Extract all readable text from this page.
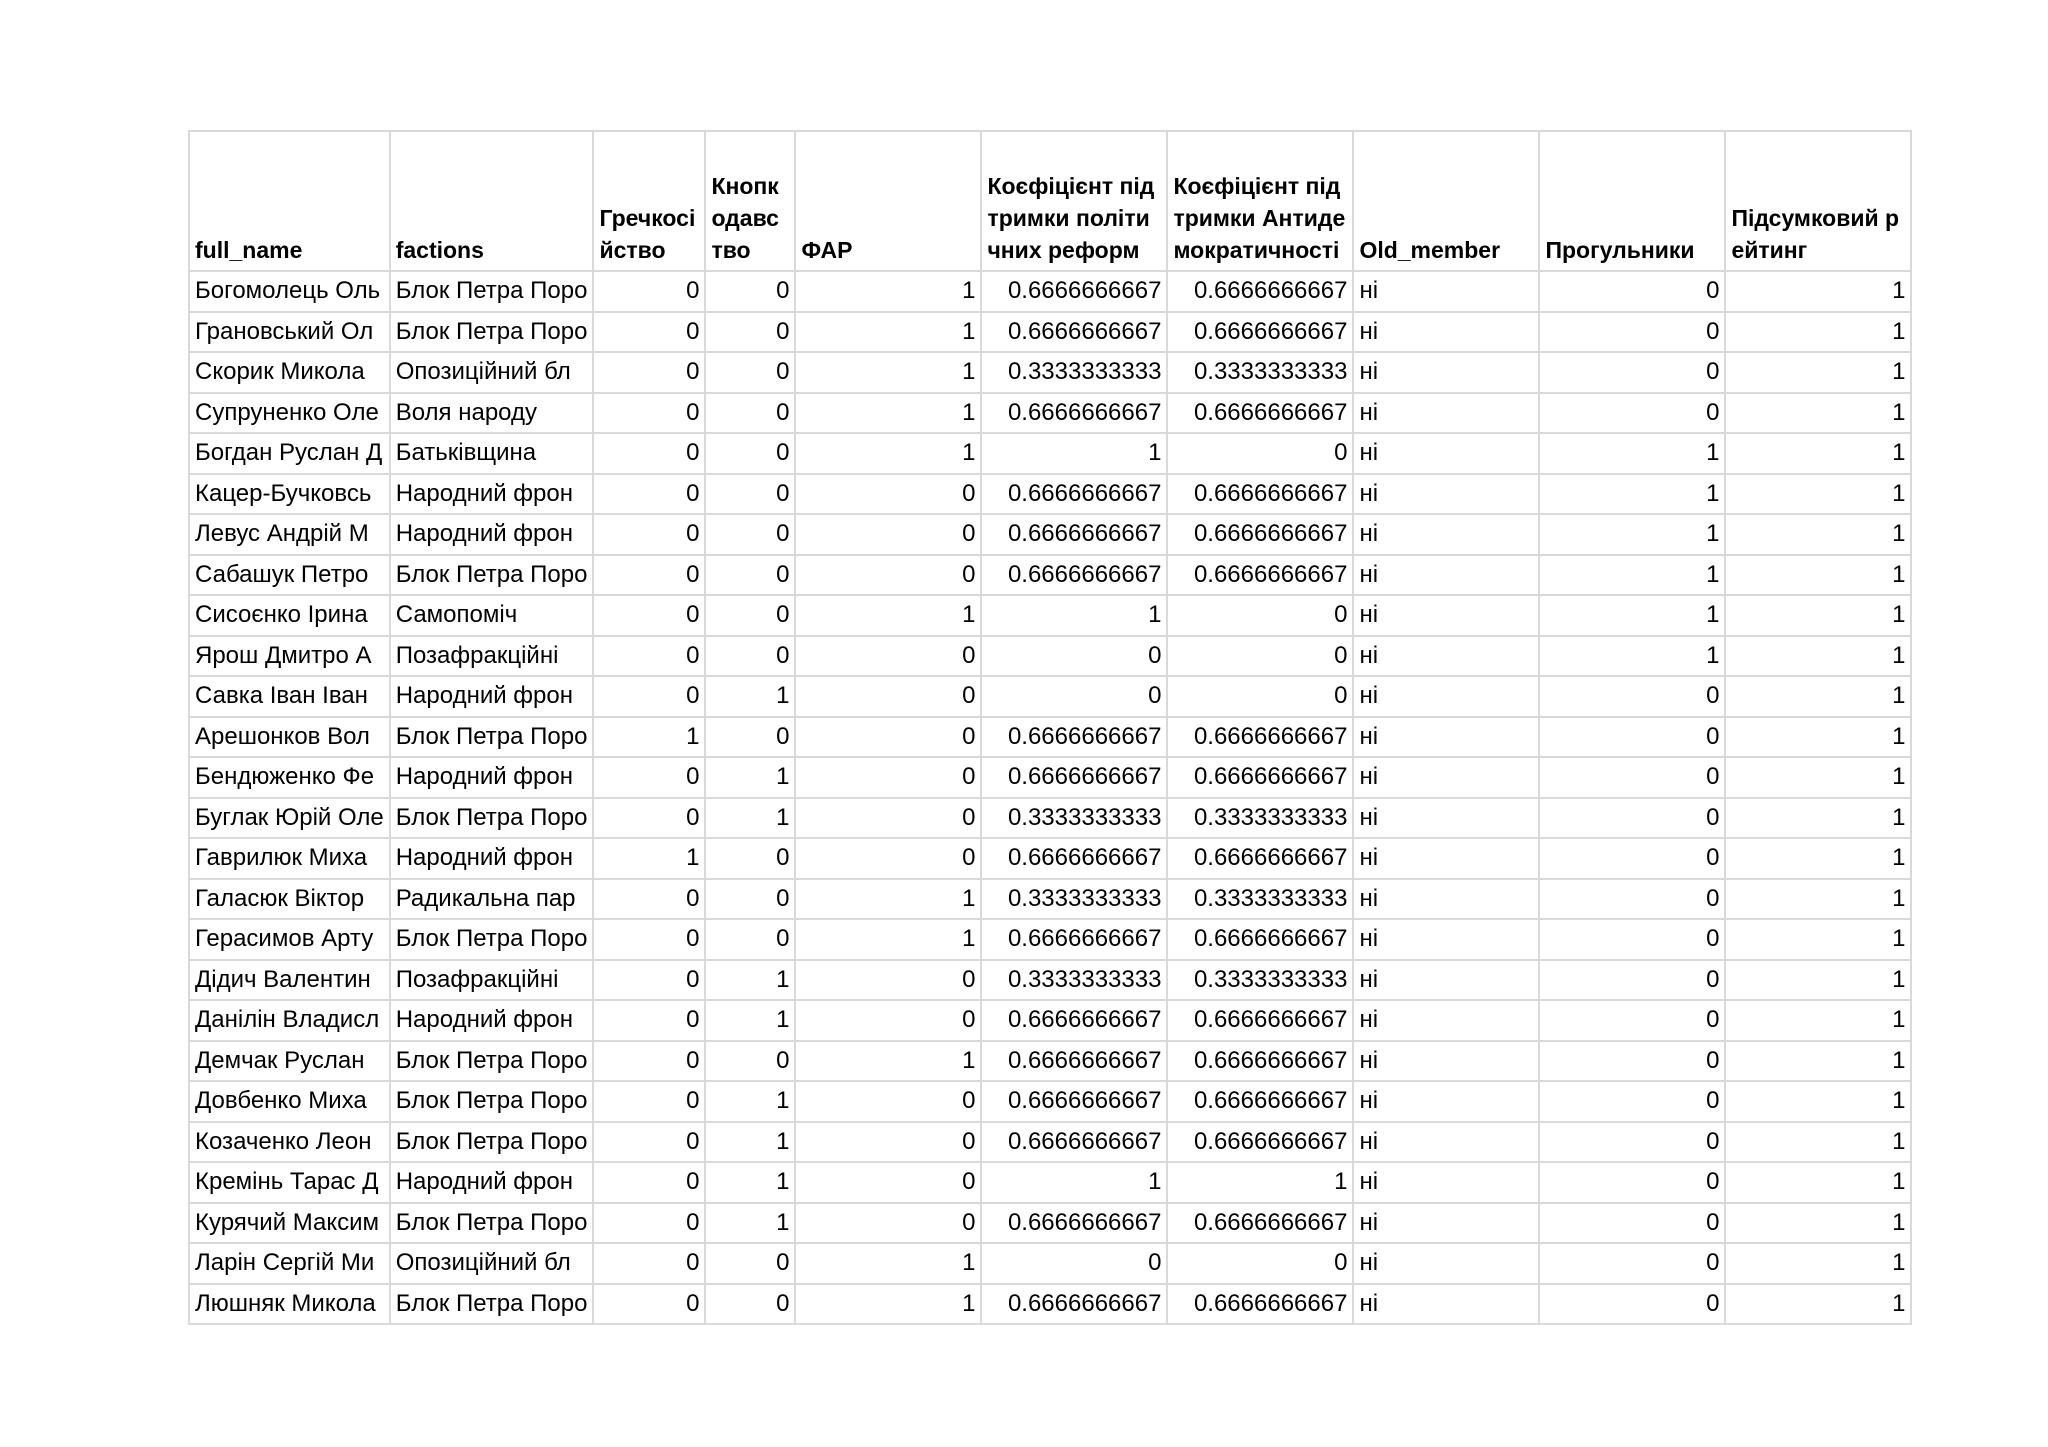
full_name	factions	Гречкосійство	Кнопкодавство	ФАР	Коєфіцієнт підтримки політичних реформ	Коєфіцієнт підтримки Антидемократичності	Old_member	Прогульники	Підсумковий рейтинг
Богомолець Оль	Блок Петра Поро	0	0	1	0.6666666667	0.6666666667	ні	0	1
Грановський Ол	Блок Петра Поро	0	0	1	0.6666666667	0.6666666667	ні	0	1
Скорик Микола	Опозиційний бл	0	0	1	0.3333333333	0.3333333333	ні	0	1
Супруненко Оле	Воля народу	0	0	1	0.6666666667	0.6666666667	ні	0	1
Богдан Руслан Д	Батьківщина	0	0	1	1	0	ні	1	1
Кацер-Бучковсь	Народний фрон	0	0	0	0.6666666667	0.6666666667	ні	1	1
Левус Андрій М	Народний фрон	0	0	0	0.6666666667	0.6666666667	ні	1	1
Сабашук Петро	Блок Петра Поро	0	0	0	0.6666666667	0.6666666667	ні	1	1
Сисоєнко Ірина	Самопоміч	0	0	1	1	0	ні	1	1
Ярош Дмитро А	Позафракційні	0	0	0	0	0	ні	1	1
Савка Іван Іван	Народний фрон	0	1	0	0	0	ні	0	1
Арешонков Вол	Блок Петра Поро	1	0	0	0.6666666667	0.6666666667	ні	0	1
Бендюженко Фе	Народний фрон	0	1	0	0.6666666667	0.6666666667	ні	0	1
Буглак Юрій Оле	Блок Петра Поро	0	1	0	0.3333333333	0.3333333333	ні	0	1
Гаврилюк Миха	Народний фрон	1	0	0	0.6666666667	0.6666666667	ні	0	1
Галасюк Віктор	Радикальна пар	0	0	1	0.3333333333	0.3333333333	ні	0	1
Герасимов Арту	Блок Петра Поро	0	0	1	0.6666666667	0.6666666667	ні	0	1
Дідич Валентин	Позафракційні	0	1	0	0.3333333333	0.3333333333	ні	0	1
Данілін Владисл	Народний фрон	0	1	0	0.6666666667	0.6666666667	ні	0	1
Демчак Руслан	Блок Петра Поро	0	0	1	0.6666666667	0.6666666667	ні	0	1
Довбенко Миха	Блок Петра Поро	0	1	0	0.6666666667	0.6666666667	ні	0	1
Козаченко Леон	Блок Петра Поро	0	1	0	0.6666666667	0.6666666667	ні	0	1
Кремінь Тарас Д	Народний фрон	0	1	0	1	1	ні	0	1
Курячий Максим	Блок Петра Поро	0	1	0	0.6666666667	0.6666666667	ні	0	1
Ларін Сергій Ми	Опозиційний бл	0	0	1	0	0	ні	0	1
Люшняк Микола	Блок Петра Поро	0	0	1	0.6666666667	0.6666666667	ні	0	1
